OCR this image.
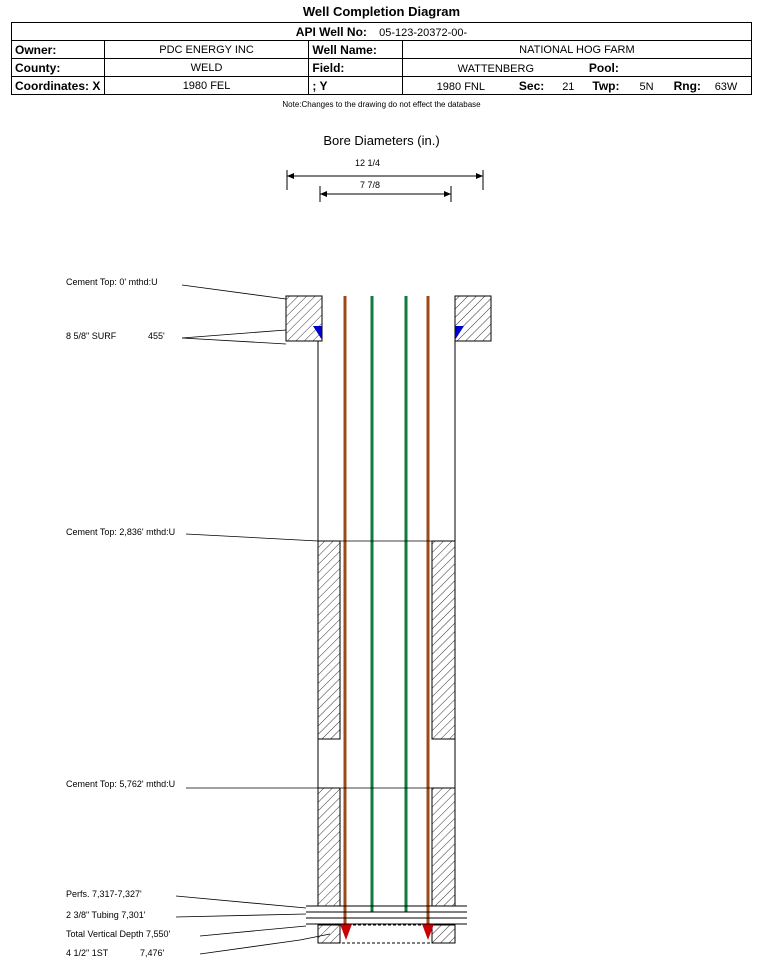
Well Completion Diagram
API Well No: 05-123-20372-00-			
Owner:	PDC ENERGY INC	Well Name:	NATIONAL HOG FARM
County:	WELD	Field:	WATTENBERG Pool:
Coordinates: X	1980 FEL	; Y	1980 FNL Sec: 21 Twp: 5N Rng: 63W
Note:Changes to the drawing do not effect the database
Bore Diameters (in.)
12 1/4
7 7/8
Cement Top: 0' mthd:U
8 5/8" SURF	455'
Cement Top: 2,836' mthd:U
Cement Top: 5,762' mthd:U
Perfs. 7,317-7,327'
2 3/8" Tubing 7,301'
Total Vertical Depth 7,550'
4 1/2" 1ST	7,476'
